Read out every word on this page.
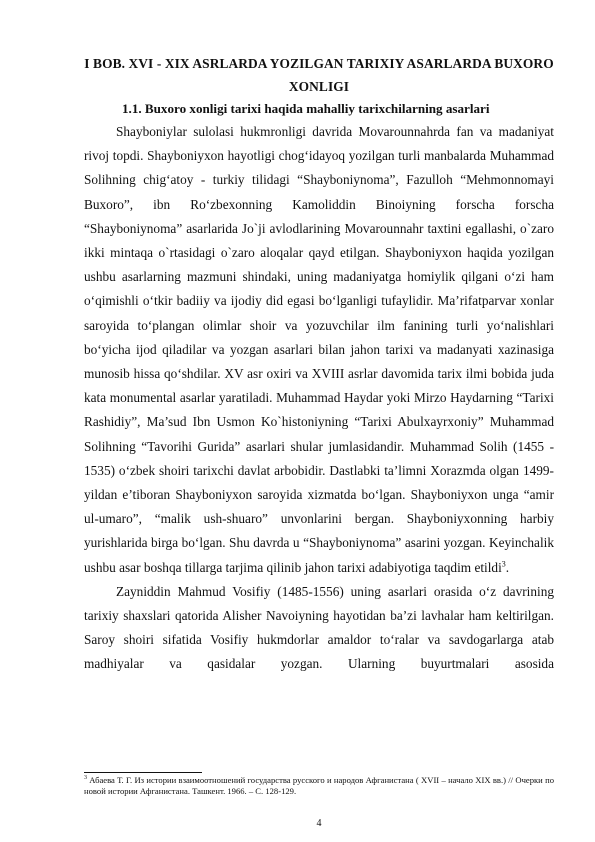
I BOB. XVI - XIX ASRLARDA YOZILGAN TARIXIY ASARLARDA BUXORO XONLIGI
1.1. Buxoro xonligi tarixi haqida mahalliy tarixchilarning asarlari

Shayboniylar sulolasi hukmronligi davrida Movarounnahrda fan va madaniyat rivoj topdi. Shayboniyxon hayotligi chog‘idayoq yozilgan turli manbalarda Muhammad Solihning chig‘atoy - turkiy tilidagi “Shayboniynoma”, Fazulloh “Mehmonnomayi Buxoro”, ibn Ro‘zbexonning Kamoliddin Binoiyning forscha forscha “Shayboniynoma” asarlarida Jo`ji avlodlarining Movarounnahr taxtini egallashi, o`zaro ikki mintaqa o`rtasidagi o`zaro aloqalar qayd etilgan. Shayboniyxon haqida yozilgan ushbu asarlarning mazmuni shindaki, uning madaniyatga homiylik qilgani o‘zi ham o‘qimishli o‘tkir badiiy va ijodiy did egasi bo‘lganligi tufaylidir. Ma’rifatparvar xonlar saroyida to‘plangan olimlar shoir va yozuvchilar ilm fanining turli yo‘nalishlari bo‘yicha ijod qiladilar va yozgan asarlari bilan jahon tarixi va madanyati xazinasiga munosib hissa qo‘shdilar. XV asr oxiri va XVIII asrlar davomida tarix ilmi bobida juda kata monumental asarlar yaratiladi. Muhammad Haydar yoki Mirzo Haydarning “Tarixi Rashidiy”, Ma’sud Ibn Usmon Ko`histoniyning “Tarixi Abulxayrxoniy” Muhammad Solihning “Tavorihi Gurida” asarlari shular jumlasidandir. Muhammad Solih (1455 - 1535) o‘zbek shoiri tarixchi davlat arbobidir. Dastlabki ta’limni Xorazmda olgan 1499-yildan e’tiboran Shayboniyxon saroyida xizmatda bo‘lgan. Shayboniyxon unga “amir ul-umaro”, “malik ush-shuaro” unvonlarini bergan. Shayboniyxonning harbiy yurishlarida birga bo‘lgan. Shu davrda u “Shayboniynoma” asarini yozgan. Keyinchalik ushbu asar boshqa tillarga tarjima qilinib jahon tarixi adabiyotiga taqdim etildi$^3$.

Zayniddin Mahmud Vosifiy (1485-1556) uning asarlari orasida o‘z davrining tarixiy shaxslari qatorida Alisher Navoiyning hayotidan ba’zi lavhalar ham keltirilgan. Saroy shoiri sifatida Vosifiy hukmdorlar amaldor to‘ralar va savdogarlarga atab madhiyalar va qasidalar yozgan. Ularning buyurtmalari asosida

$^3$ Абаева Т. Г. Из истории взаимоотношений государства русского и народов Афганистана ( XVII – начало XIX вв.) // Очерки по новой истории Афганистана. Ташкент. 1966. – С. 128-129.
4
